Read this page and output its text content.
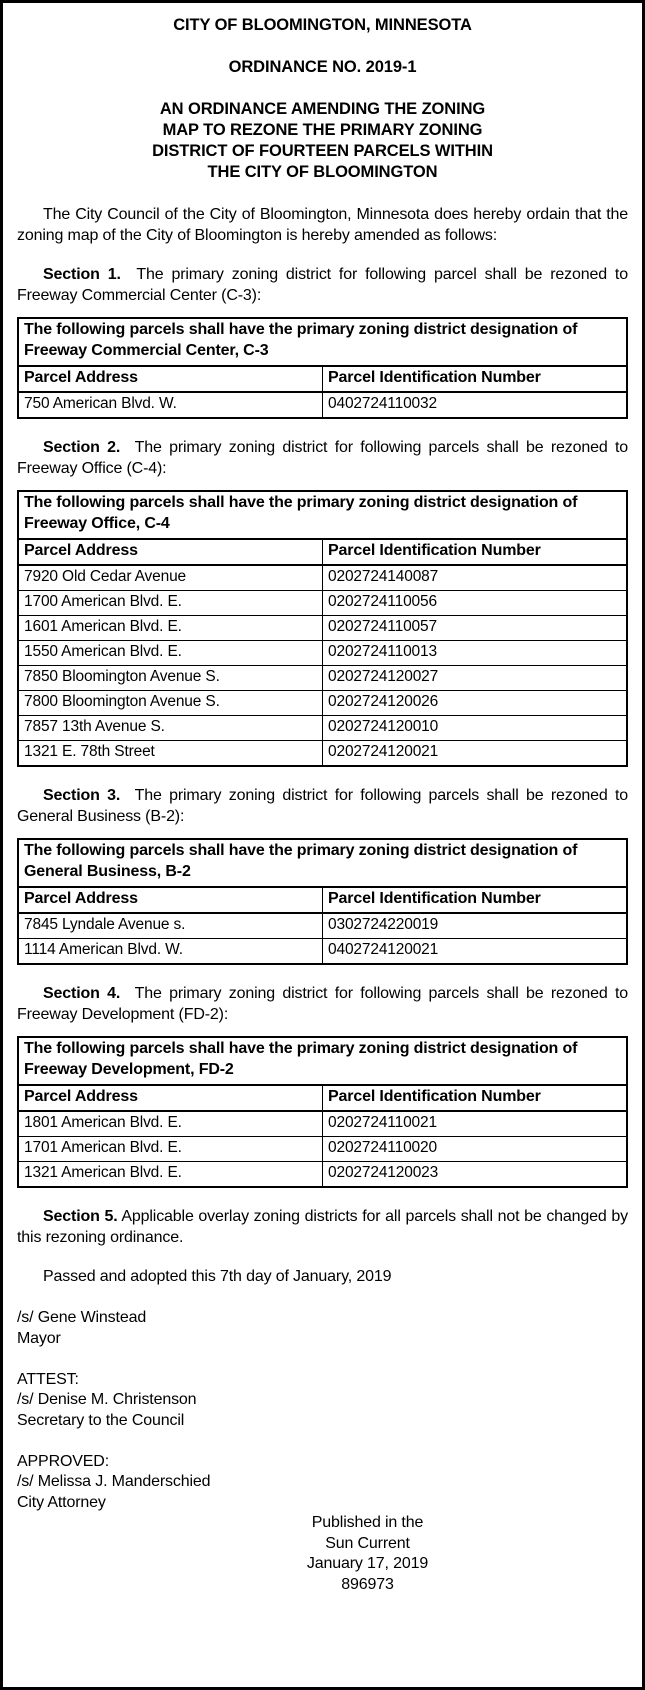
CITY OF BLOOMINGTON, MINNESOTA
ORDINANCE NO. 2019-1
AN ORDINANCE AMENDING THE ZONING
MAP TO REZONE THE PRIMARY ZONING
DISTRICT OF FOURTEEN PARCELS WITHIN
THE CITY OF BLOOMINGTON

The City Council of the City of Bloomington, Minnesota does hereby ordain that the zoning map of the City of Bloomington is hereby amended as follows:

Section 1. The primary zoning district for following parcel shall be rezoned to Freeway Commercial Center (C-3):

The following parcels shall have the primary zoning district designation of Freeway Commercial Center, C-3	
Parcel Address	Parcel Identification Number
750 American Blvd. W.	0402724110032

Section 2. The primary zoning district for following parcels shall be rezoned to Freeway Office (C-4):

The following parcels shall have the primary zoning district designation of Freeway Office, C-4	
Parcel Address	Parcel Identification Number
7920 Old Cedar Avenue	0202724140087
1700 American Blvd. E.	0202724110056
1601 American Blvd. E.	0202724110057
1550 American Blvd. E.	0202724110013
7850 Bloomington Avenue S.	0202724120027
7800 Bloomington Avenue S.	0202724120026
7857 13th Avenue S.	0202724120010
1321 E. 78th Street	0202724120021

Section 3. The primary zoning district for following parcels shall be rezoned to General Business (B-2):

The following parcels shall have the primary zoning district designation of General Business, B-2	
Parcel Address	Parcel Identification Number
7845 Lyndale Avenue s.	0302724220019
1114 American Blvd. W.	0402724120021

Section 4. The primary zoning district for following parcels shall be rezoned to Freeway Development (FD-2):

The following parcels shall have the primary zoning district designation of Freeway Development, FD-2	
Parcel Address	Parcel Identification Number
1801 American Blvd. E.	0202724110021
1701 American Blvd. E.	0202724110020
1321 American Blvd. E.	0202724120023

Section 5. Applicable overlay zoning districts for all parcels shall not be changed by this rezoning ordinance.

Passed and adopted this 7th day of January, 2019

/s/ Gene Winstead
Mayor
ATTEST:
/s/ Denise M. Christenson
Secretary to the Council
APPROVED:
/s/ Melissa J. Manderschied
City Attorney
Published in the
Sun Current
January 17, 2019
896973
